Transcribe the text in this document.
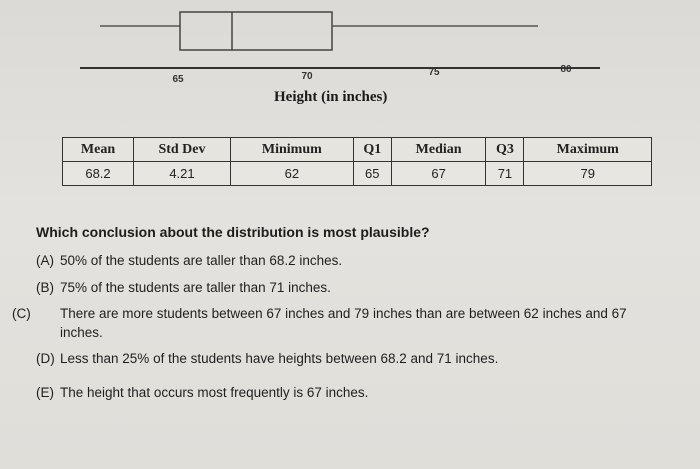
65	70	75	80
Height (in inches)
Mean	Std Dev	Minimum	Q1	Median	Q3	Maximum
68.2	4.21	62	65	67	71	79
Which conclusion about the distribution is most plausible?
(A) 50% of the students are taller than 68.2 inches.
(B) 75% of the students are taller than 71 inches.
(C) There are more students between 67 inches and 79 inches than are between 62 inches and 67 inches.
(D) Less than 25% of the students have heights between 68.2 and 71 inches.
(E) The height that occurs most frequently is 67 inches.
